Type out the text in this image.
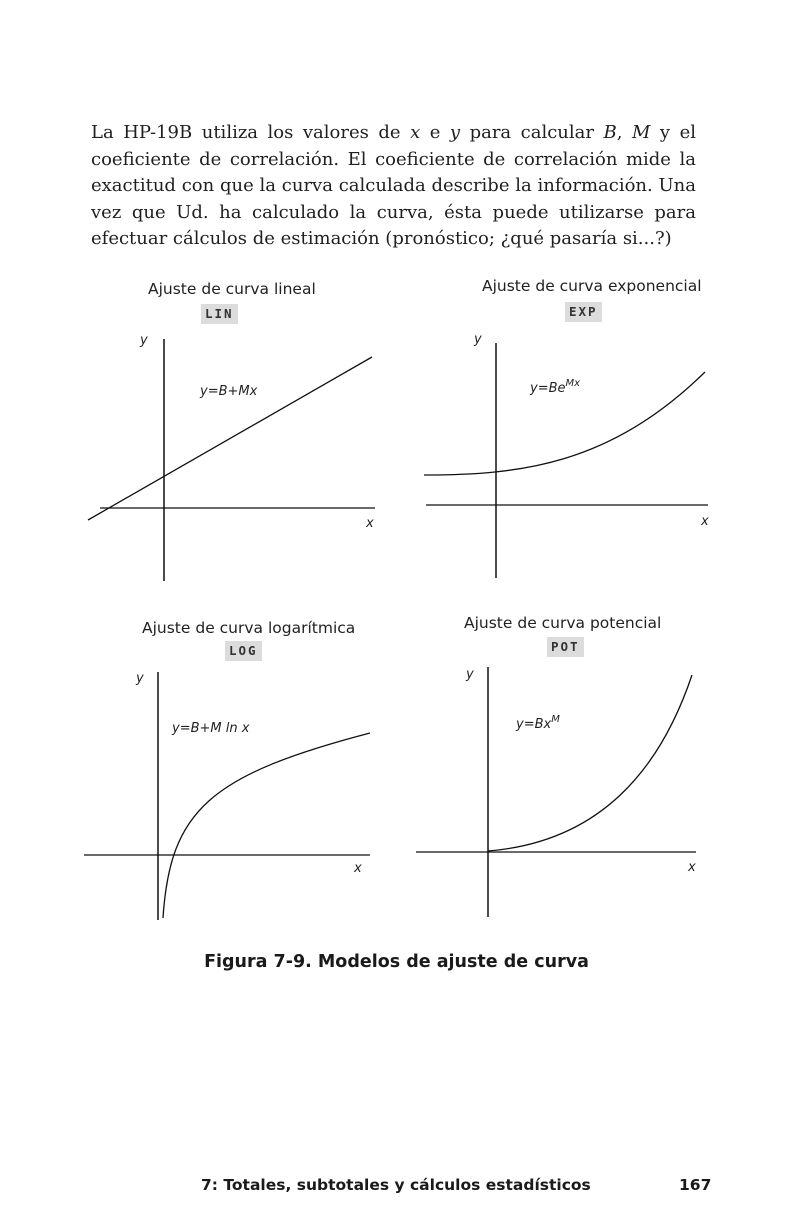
La HP-19B utiliza los valores de x e y para calcular B, M y el coeficiente de correlación. El coeficiente de correlación mide la exactitud con que la curva calculada describe la información. Una vez que Ud. ha calculado la curva, ésta puede utilizarse para efectuar cálculos de estimación (pronóstico; ¿qué pasaría si...?)

Ajuste de curva lineal
LIN
y
x
y=B+Mx
Ajuste de curva exponencial
EXP
y
x
$y=Be^{Mx}$
Ajuste de curva logarítmica
LOG
y
x
y=B+M ln x
Ajuste de curva potencial
POT
y
x
$y=Bx^M$
Figura 7-9. Modelos de ajuste de curva
7: Totales, subtotales y cálculos estadísticos	167
